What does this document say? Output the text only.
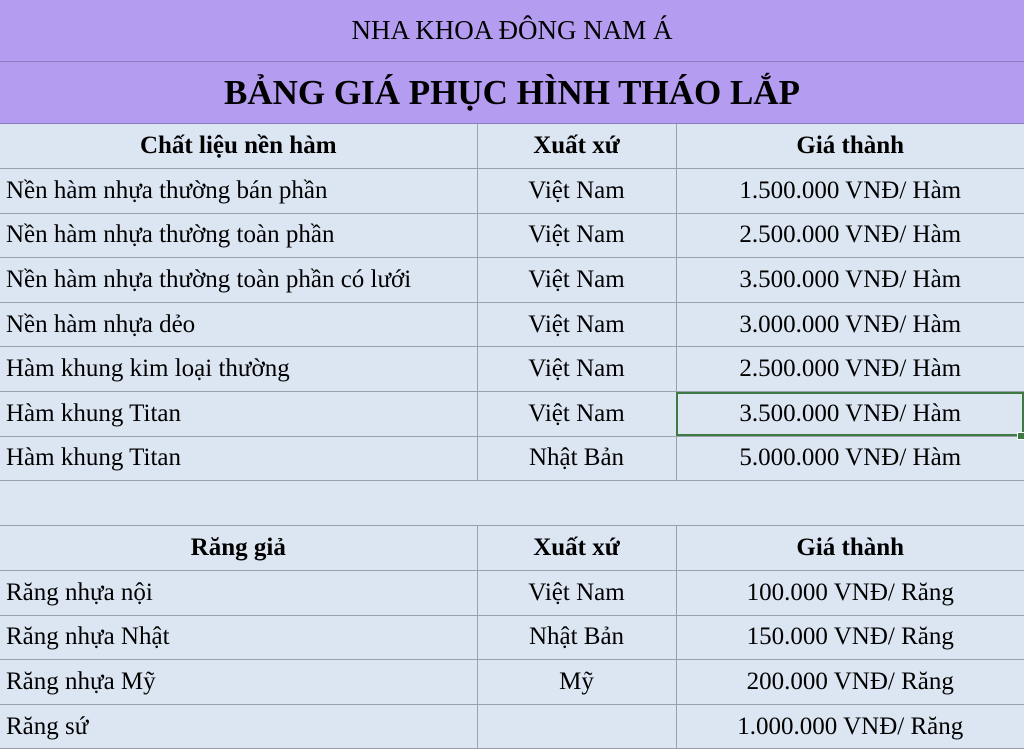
NHA KHOA ĐÔNG NAM Á
BẢNG GIÁ PHỤC HÌNH THÁO LẮP
Chất liệu nền hàm	Xuất xứ	Giá thành
Nền hàm nhựa thường bán phần	Việt Nam	1.500.000 VNĐ/ Hàm
Nền hàm nhựa thường toàn phần	Việt Nam	2.500.000 VNĐ/ Hàm
Nền hàm nhựa thường toàn phần có lưới	Việt Nam	3.500.000 VNĐ/ Hàm
Nền hàm nhựa dẻo	Việt Nam	3.000.000 VNĐ/ Hàm
Hàm khung kim loại thường	Việt Nam	2.500.000 VNĐ/ Hàm
Hàm khung Titan	Việt Nam	3.500.000 VNĐ/ Hàm
Hàm khung Titan	Nhật Bản	5.000.000 VNĐ/ Hàm
Răng giả	Xuất xứ	Giá thành
Răng nhựa nội	Việt Nam	100.000 VNĐ/ Răng
Răng nhựa Nhật	Nhật Bản	150.000 VNĐ/ Răng
Răng nhựa Mỹ	Mỹ	200.000 VNĐ/ Răng
Răng sứ		1.000.000 VNĐ/ Răng
